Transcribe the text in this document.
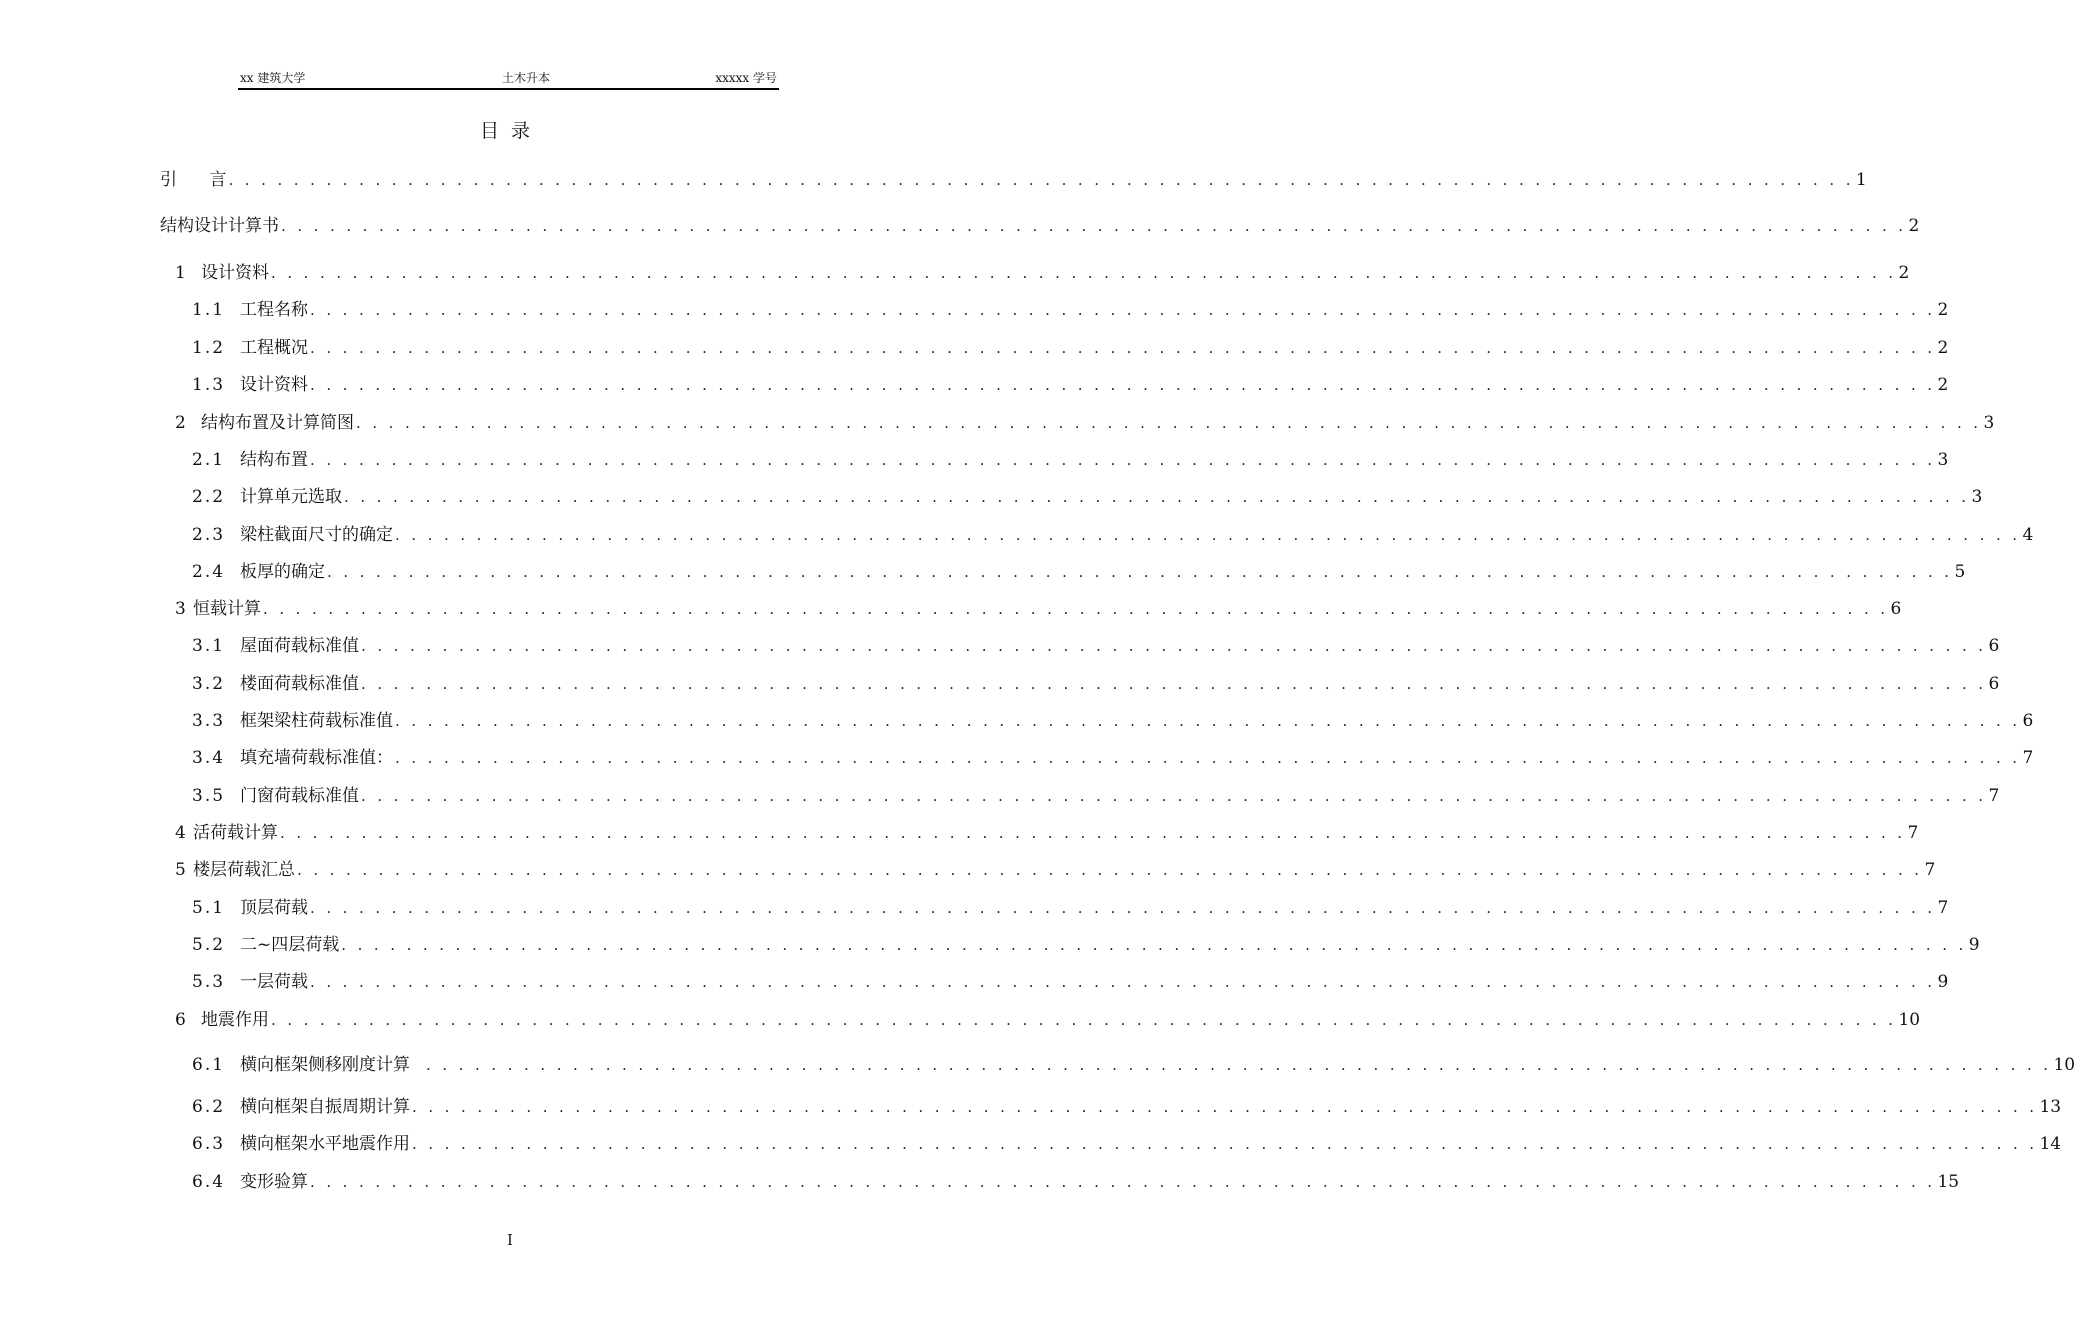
xx 建筑大学	土木升本	xxxxx 学号
目  录
引      言 . . . . . . . . . . . . . . . . . . . . . . . . . . . . . . . . . . . . . . . . . . . . . . . . . . . . . . . . . . . . . . . . . . . . . . . . . . . . . . . . . . . . . . . . . . . . . . . . . . . . 1
结构设计计算书 . . . . . . . . . . . . . . . . . . . . . . . . . . . . . . . . . . . . . . . . . . . . . . . . . . . . . . . . . . . . . . . . . . . . . . . . . . . . . . . . . . . . . . . . . . . . . . . . . . . . 2
1 设计资料 . . . . . . . . . . . . . . . . . . . . . . . . . . . . . . . . . . . . . . . . . . . . . . . . . . . . . . . . . . . . . . . . . . . . . . . . . . . . . . . . . . . . . . . . . . . . . . . . . . . . 2
1.1 工程名称 . . . . . . . . . . . . . . . . . . . . . . . . . . . . . . . . . . . . . . . . . . . . . . . . . . . . . . . . . . . . . . . . . . . . . . . . . . . . . . . . . . . . . . . . . . . . . . . . . . . . 2
1.2 工程概况 . . . . . . . . . . . . . . . . . . . . . . . . . . . . . . . . . . . . . . . . . . . . . . . . . . . . . . . . . . . . . . . . . . . . . . . . . . . . . . . . . . . . . . . . . . . . . . . . . . . . 2
1.3 设计资料 . . . . . . . . . . . . . . . . . . . . . . . . . . . . . . . . . . . . . . . . . . . . . . . . . . . . . . . . . . . . . . . . . . . . . . . . . . . . . . . . . . . . . . . . . . . . . . . . . . . . 2
2 结构布置及计算简图 . . . . . . . . . . . . . . . . . . . . . . . . . . . . . . . . . . . . . . . . . . . . . . . . . . . . . . . . . . . . . . . . . . . . . . . . . . . . . . . . . . . . . . . . . . . . . . . . . . . . 3
2.1 结构布置 . . . . . . . . . . . . . . . . . . . . . . . . . . . . . . . . . . . . . . . . . . . . . . . . . . . . . . . . . . . . . . . . . . . . . . . . . . . . . . . . . . . . . . . . . . . . . . . . . . . . 3
2.2 计算单元选取 . . . . . . . . . . . . . . . . . . . . . . . . . . . . . . . . . . . . . . . . . . . . . . . . . . . . . . . . . . . . . . . . . . . . . . . . . . . . . . . . . . . . . . . . . . . . . . . . . . . . 3
2.3 梁柱截面尺寸的确定 . . . . . . . . . . . . . . . . . . . . . . . . . . . . . . . . . . . . . . . . . . . . . . . . . . . . . . . . . . . . . . . . . . . . . . . . . . . . . . . . . . . . . . . . . . . . . . . . . . . . 4
2.4 板厚的确定 . . . . . . . . . . . . . . . . . . . . . . . . . . . . . . . . . . . . . . . . . . . . . . . . . . . . . . . . . . . . . . . . . . . . . . . . . . . . . . . . . . . . . . . . . . . . . . . . . . . . 5
3 恒载计算 . . . . . . . . . . . . . . . . . . . . . . . . . . . . . . . . . . . . . . . . . . . . . . . . . . . . . . . . . . . . . . . . . . . . . . . . . . . . . . . . . . . . . . . . . . . . . . . . . . . . 6
3.1 屋面荷载标准值 . . . . . . . . . . . . . . . . . . . . . . . . . . . . . . . . . . . . . . . . . . . . . . . . . . . . . . . . . . . . . . . . . . . . . . . . . . . . . . . . . . . . . . . . . . . . . . . . . . . . 6
3.2 楼面荷载标准值 . . . . . . . . . . . . . . . . . . . . . . . . . . . . . . . . . . . . . . . . . . . . . . . . . . . . . . . . . . . . . . . . . . . . . . . . . . . . . . . . . . . . . . . . . . . . . . . . . . . . 6
3.3 框架梁柱荷载标准值 . . . . . . . . . . . . . . . . . . . . . . . . . . . . . . . . . . . . . . . . . . . . . . . . . . . . . . . . . . . . . . . . . . . . . . . . . . . . . . . . . . . . . . . . . . . . . . . . . . . . 6
3.4 填充墙荷载标准值： . . . . . . . . . . . . . . . . . . . . . . . . . . . . . . . . . . . . . . . . . . . . . . . . . . . . . . . . . . . . . . . . . . . . . . . . . . . . . . . . . . . . . . . . . . . . . . . . . . . . 7
3.5 门窗荷载标准值 . . . . . . . . . . . . . . . . . . . . . . . . . . . . . . . . . . . . . . . . . . . . . . . . . . . . . . . . . . . . . . . . . . . . . . . . . . . . . . . . . . . . . . . . . . . . . . . . . . . . 7
4 活荷载计算 . . . . . . . . . . . . . . . . . . . . . . . . . . . . . . . . . . . . . . . . . . . . . . . . . . . . . . . . . . . . . . . . . . . . . . . . . . . . . . . . . . . . . . . . . . . . . . . . . . . . 7
5 楼层荷载汇总 . . . . . . . . . . . . . . . . . . . . . . . . . . . . . . . . . . . . . . . . . . . . . . . . . . . . . . . . . . . . . . . . . . . . . . . . . . . . . . . . . . . . . . . . . . . . . . . . . . . . 7
5.1 顶层荷载 . . . . . . . . . . . . . . . . . . . . . . . . . . . . . . . . . . . . . . . . . . . . . . . . . . . . . . . . . . . . . . . . . . . . . . . . . . . . . . . . . . . . . . . . . . . . . . . . . . . . 7
5.2 二~四层荷载 . . . . . . . . . . . . . . . . . . . . . . . . . . . . . . . . . . . . . . . . . . . . . . . . . . . . . . . . . . . . . . . . . . . . . . . . . . . . . . . . . . . . . . . . . . . . . . . . . . . . 9
5.3 一层荷载 . . . . . . . . . . . . . . . . . . . . . . . . . . . . . . . . . . . . . . . . . . . . . . . . . . . . . . . . . . . . . . . . . . . . . . . . . . . . . . . . . . . . . . . . . . . . . . . . . . . . 9
6 地震作用 . . . . . . . . . . . . . . . . . . . . . . . . . . . . . . . . . . . . . . . . . . . . . . . . . . . . . . . . . . . . . . . . . . . . . . . . . . . . . . . . . . . . . . . . . . . . . . . . . . . . 10
6.1 横向框架侧移刚度计算 . . . . . . . . . . . . . . . . . . . . . . . . . . . . . . . . . . . . . . . . . . . . . . . . . . . . . . . . . . . . . . . . . . . . . . . . . . . . . . . . . . . . . . . . . . . . . . . . . . . . 10
6.2 横向框架自振周期计算 . . . . . . . . . . . . . . . . . . . . . . . . . . . . . . . . . . . . . . . . . . . . . . . . . . . . . . . . . . . . . . . . . . . . . . . . . . . . . . . . . . . . . . . . . . . . . . . . . . . . 13
6.3 横向框架水平地震作用 . . . . . . . . . . . . . . . . . . . . . . . . . . . . . . . . . . . . . . . . . . . . . . . . . . . . . . . . . . . . . . . . . . . . . . . . . . . . . . . . . . . . . . . . . . . . . . . . . . . . 14
6.4 变形验算 . . . . . . . . . . . . . . . . . . . . . . . . . . . . . . . . . . . . . . . . . . . . . . . . . . . . . . . . . . . . . . . . . . . . . . . . . . . . . . . . . . . . . . . . . . . . . . . . . . . . 15
I
